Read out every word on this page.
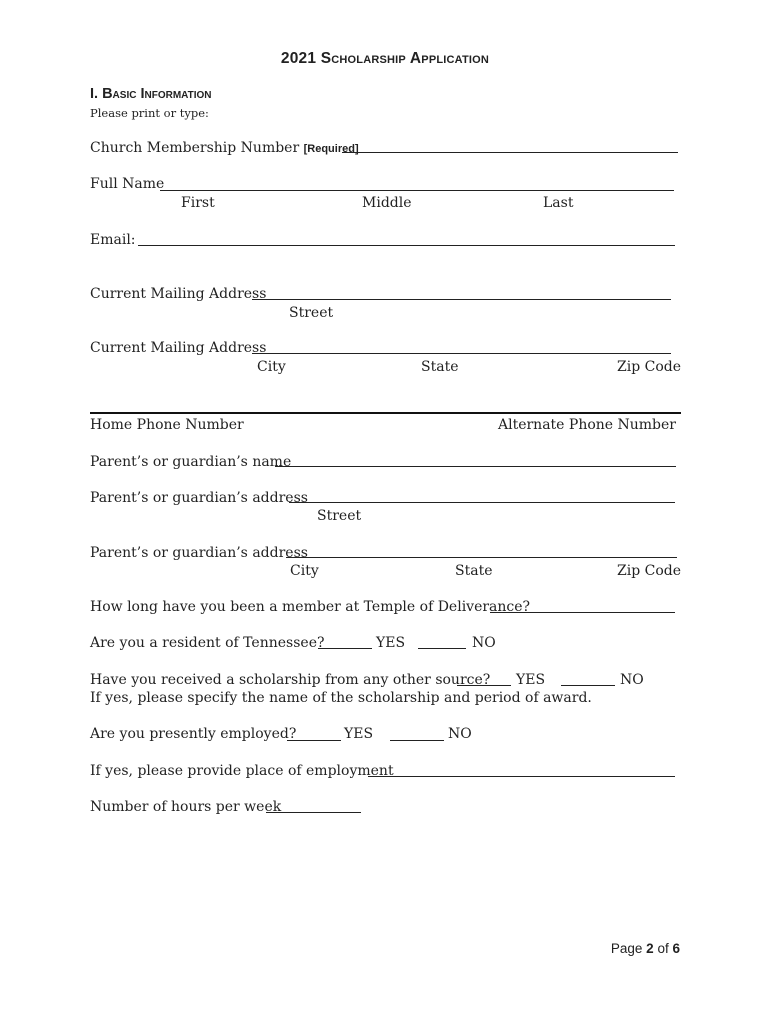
2021 Scholarship Application
I. Basic Information
Please print or type:
Church Membership Number [Required]
Full Name
First	Middle	Last
Email:
Current Mailing Address
Street
Current Mailing Address
City	State	Zip Code
Home Phone Number	Alternate Phone Number
Parent’s or guardian’s name
Parent’s or guardian’s address
Street
Parent’s or guardian’s address
City	State	Zip Code
How long have you been a member at Temple of Deliverance?
Are you a resident of Tennessee?	YES	NO
Have you received a scholarship from any other source? YES	NO
If yes, please specify the name of the scholarship and period of award.
Are you presently employed?	YES	NO
If yes, please provide place of employment
Number of hours per week
Page 2 of 6
